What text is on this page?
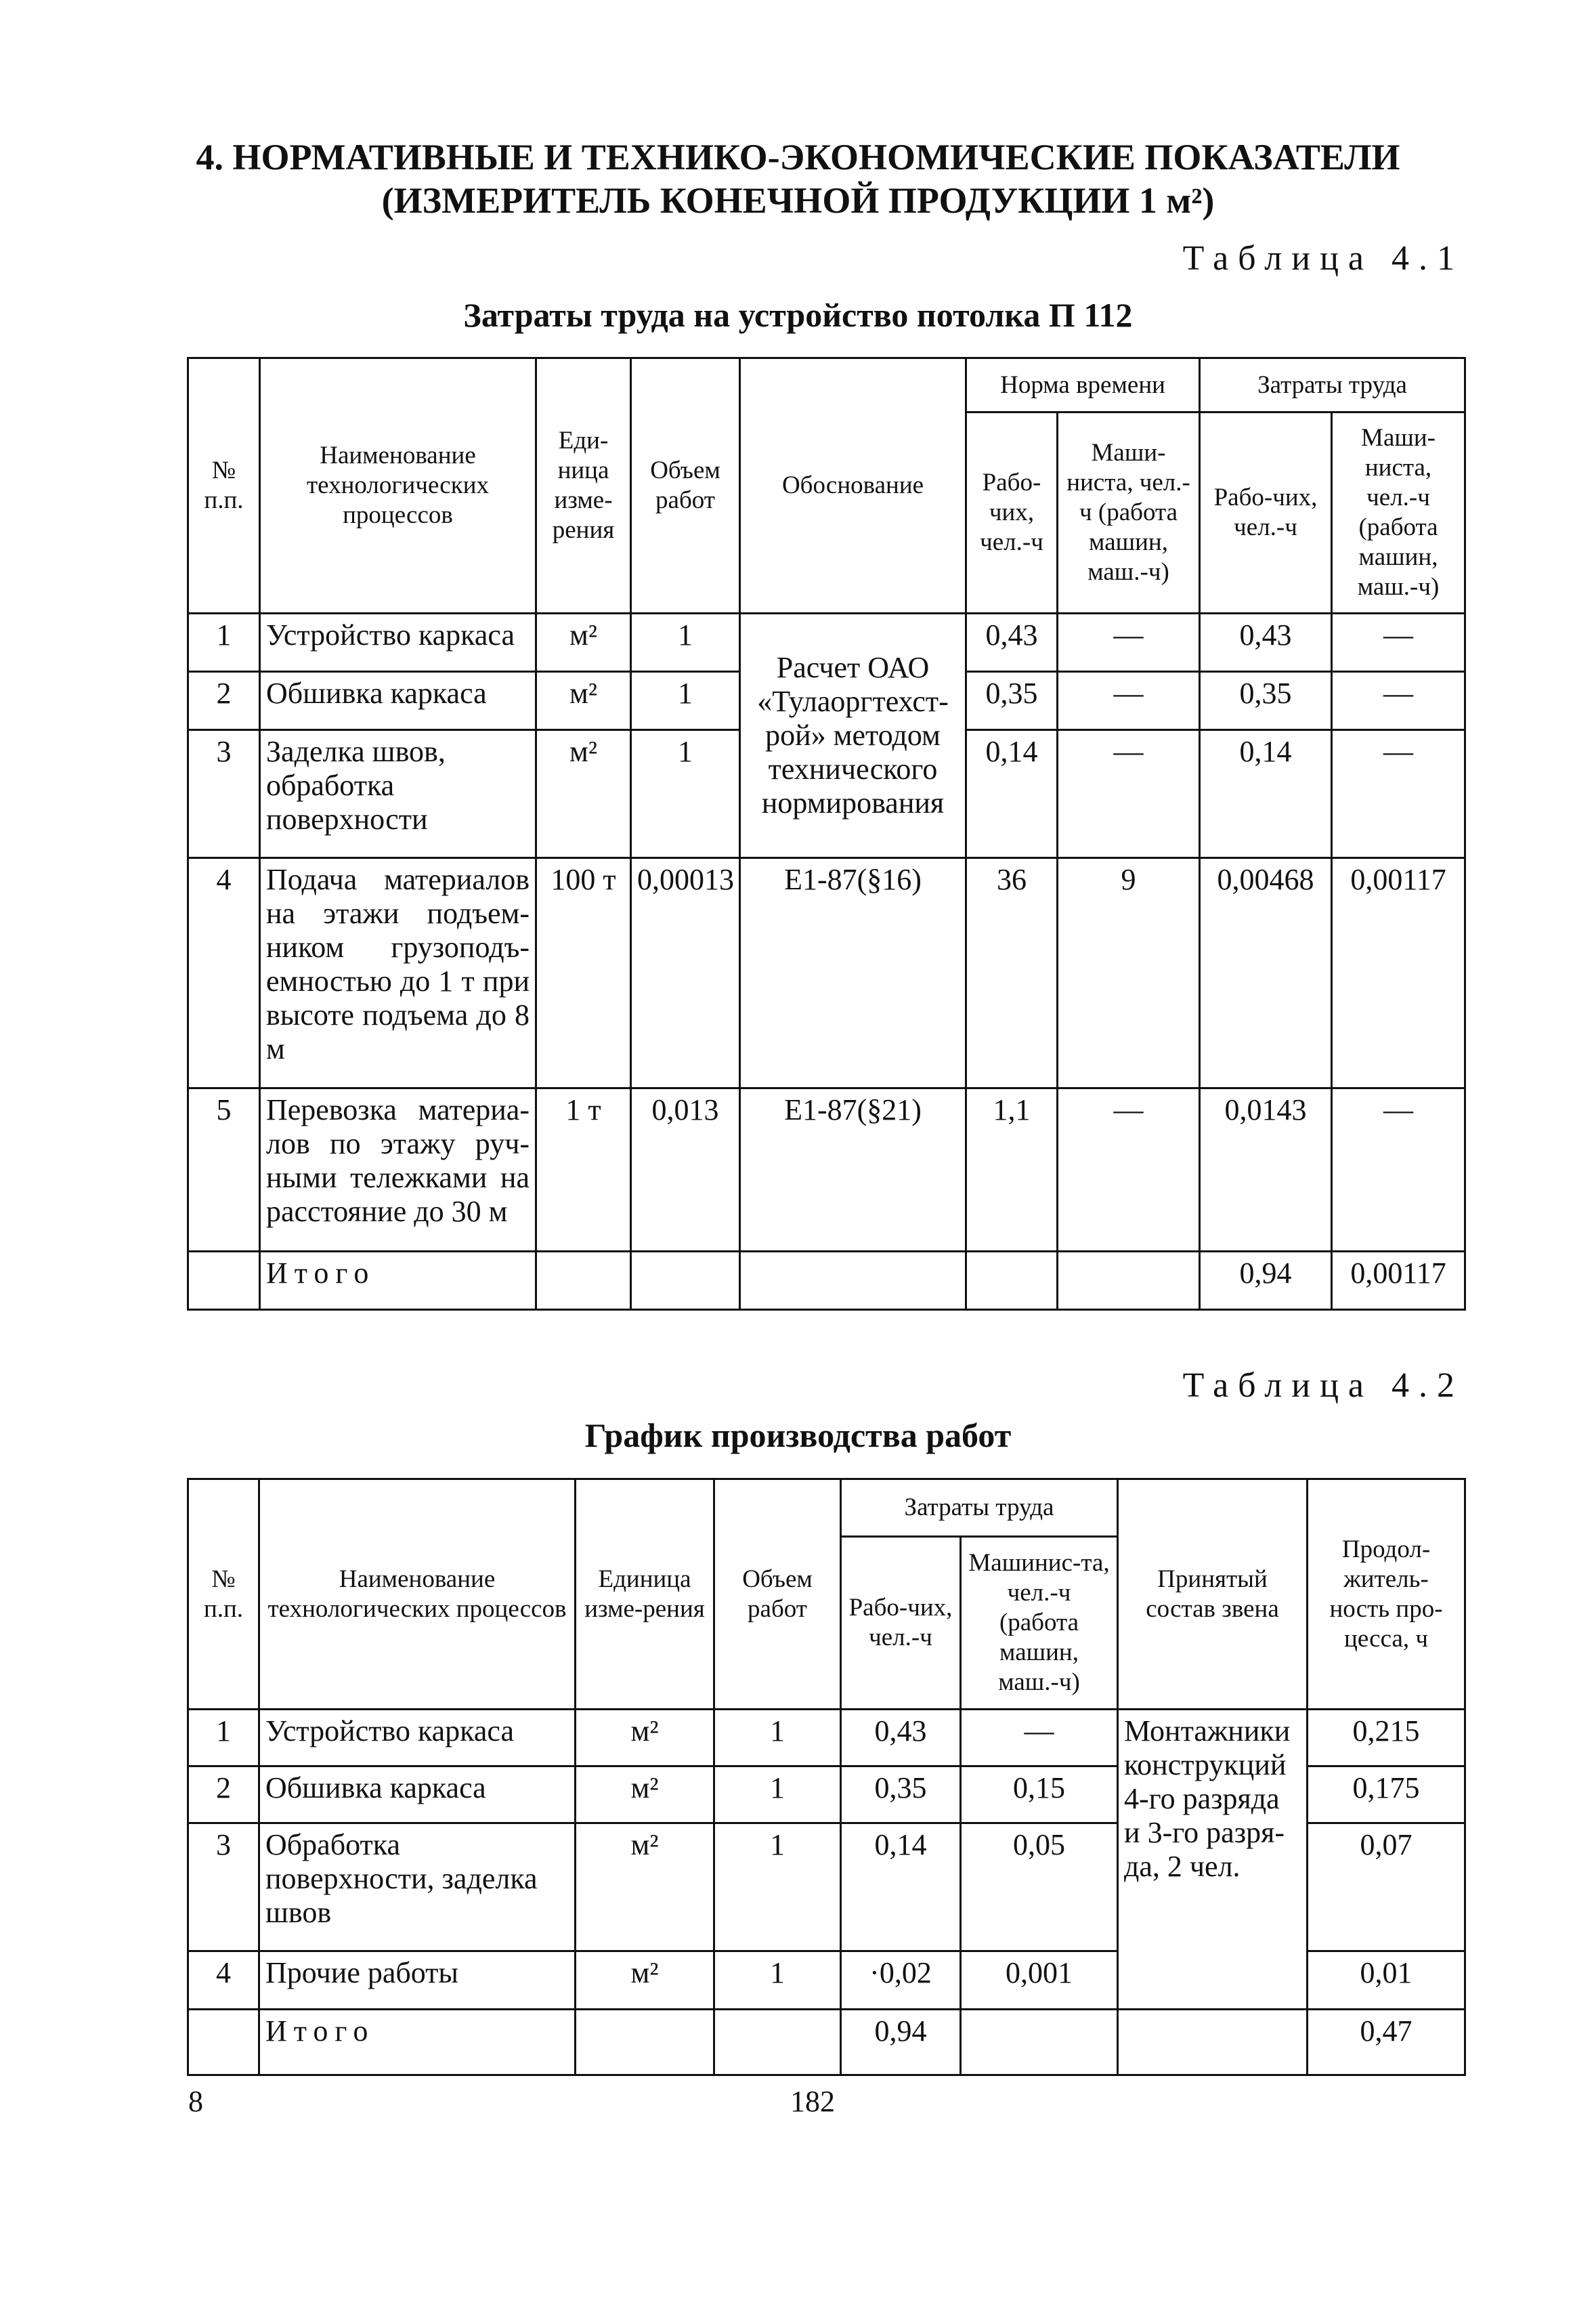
4. НОРМАТИВНЫЕ И ТЕХНИКО-ЭКОНОМИЧЕСКИЕ ПОКАЗАТЕЛИ
(ИЗМЕРИТЕЛЬ КОНЕЧНОЙ ПРОДУКЦИИ 1 м²)
Таблица 4.1
Затраты труда на устройство потолка П 112
№ п.п.	Наименование технологических процессов	Еди-ница изме-рения	Объем работ	Обоснование	Норма времени		Затраты труда	
					Рабо-чих, чел.-ч	Маши-ниста, чел.-ч (работа машин, маш.-ч)	Рабо-чих, чел.-ч	Маши-ниста, чел.-ч (работа машин, маш.-ч)
1	Устройство каркаса	м²	1	Расчет ОАО «Тулаоргтехст-рой» методом технического нормирования	0,43	—	0,43	—
2	Обшивка каркаса	м²	1		0,35	—	0,35	—
3	Заделка швов, обработка поверхности	м²	1		0,14	—	0,14	—
4	Подача материалов на этажи подъем-ником грузоподъ-емностью до 1 т при высоте подъема до 8 м	100 т	0,00013	Е1-87(§16)	36	9	0,00468	0,00117
5	Перевозка материа-лов по этажу руч-ными тележками на расстояние до 30 м	1 т	0,013	Е1-87(§21)	1,1	—	0,0143	—
	Итого						0,94	0,00117
Таблица 4.2
График производства работ
№ п.п.	Наименование технологических процессов	Единица изме-рения	Объем работ	Затраты труда		Принятый состав звена	Продол-житель-ность про-цесса, ч
				Рабо-чих, чел.-ч	Машинис-та, чел.-ч (работа машин, маш.-ч)		
1	Устройство каркаса	м²	1	0,43	—	Монтажники конструкций 4-го разряда и 3-го разря-да, 2 чел.	0,215
2	Обшивка каркаса	м²	1	0,35	0,15		0,175
3	Обработка поверхности, заделка швов	м²	1	0,14	0,05		0,07
4	Прочие работы	м²	1	·0,02	0,001		0,01
	Итого			0,94			0,47
8	182
